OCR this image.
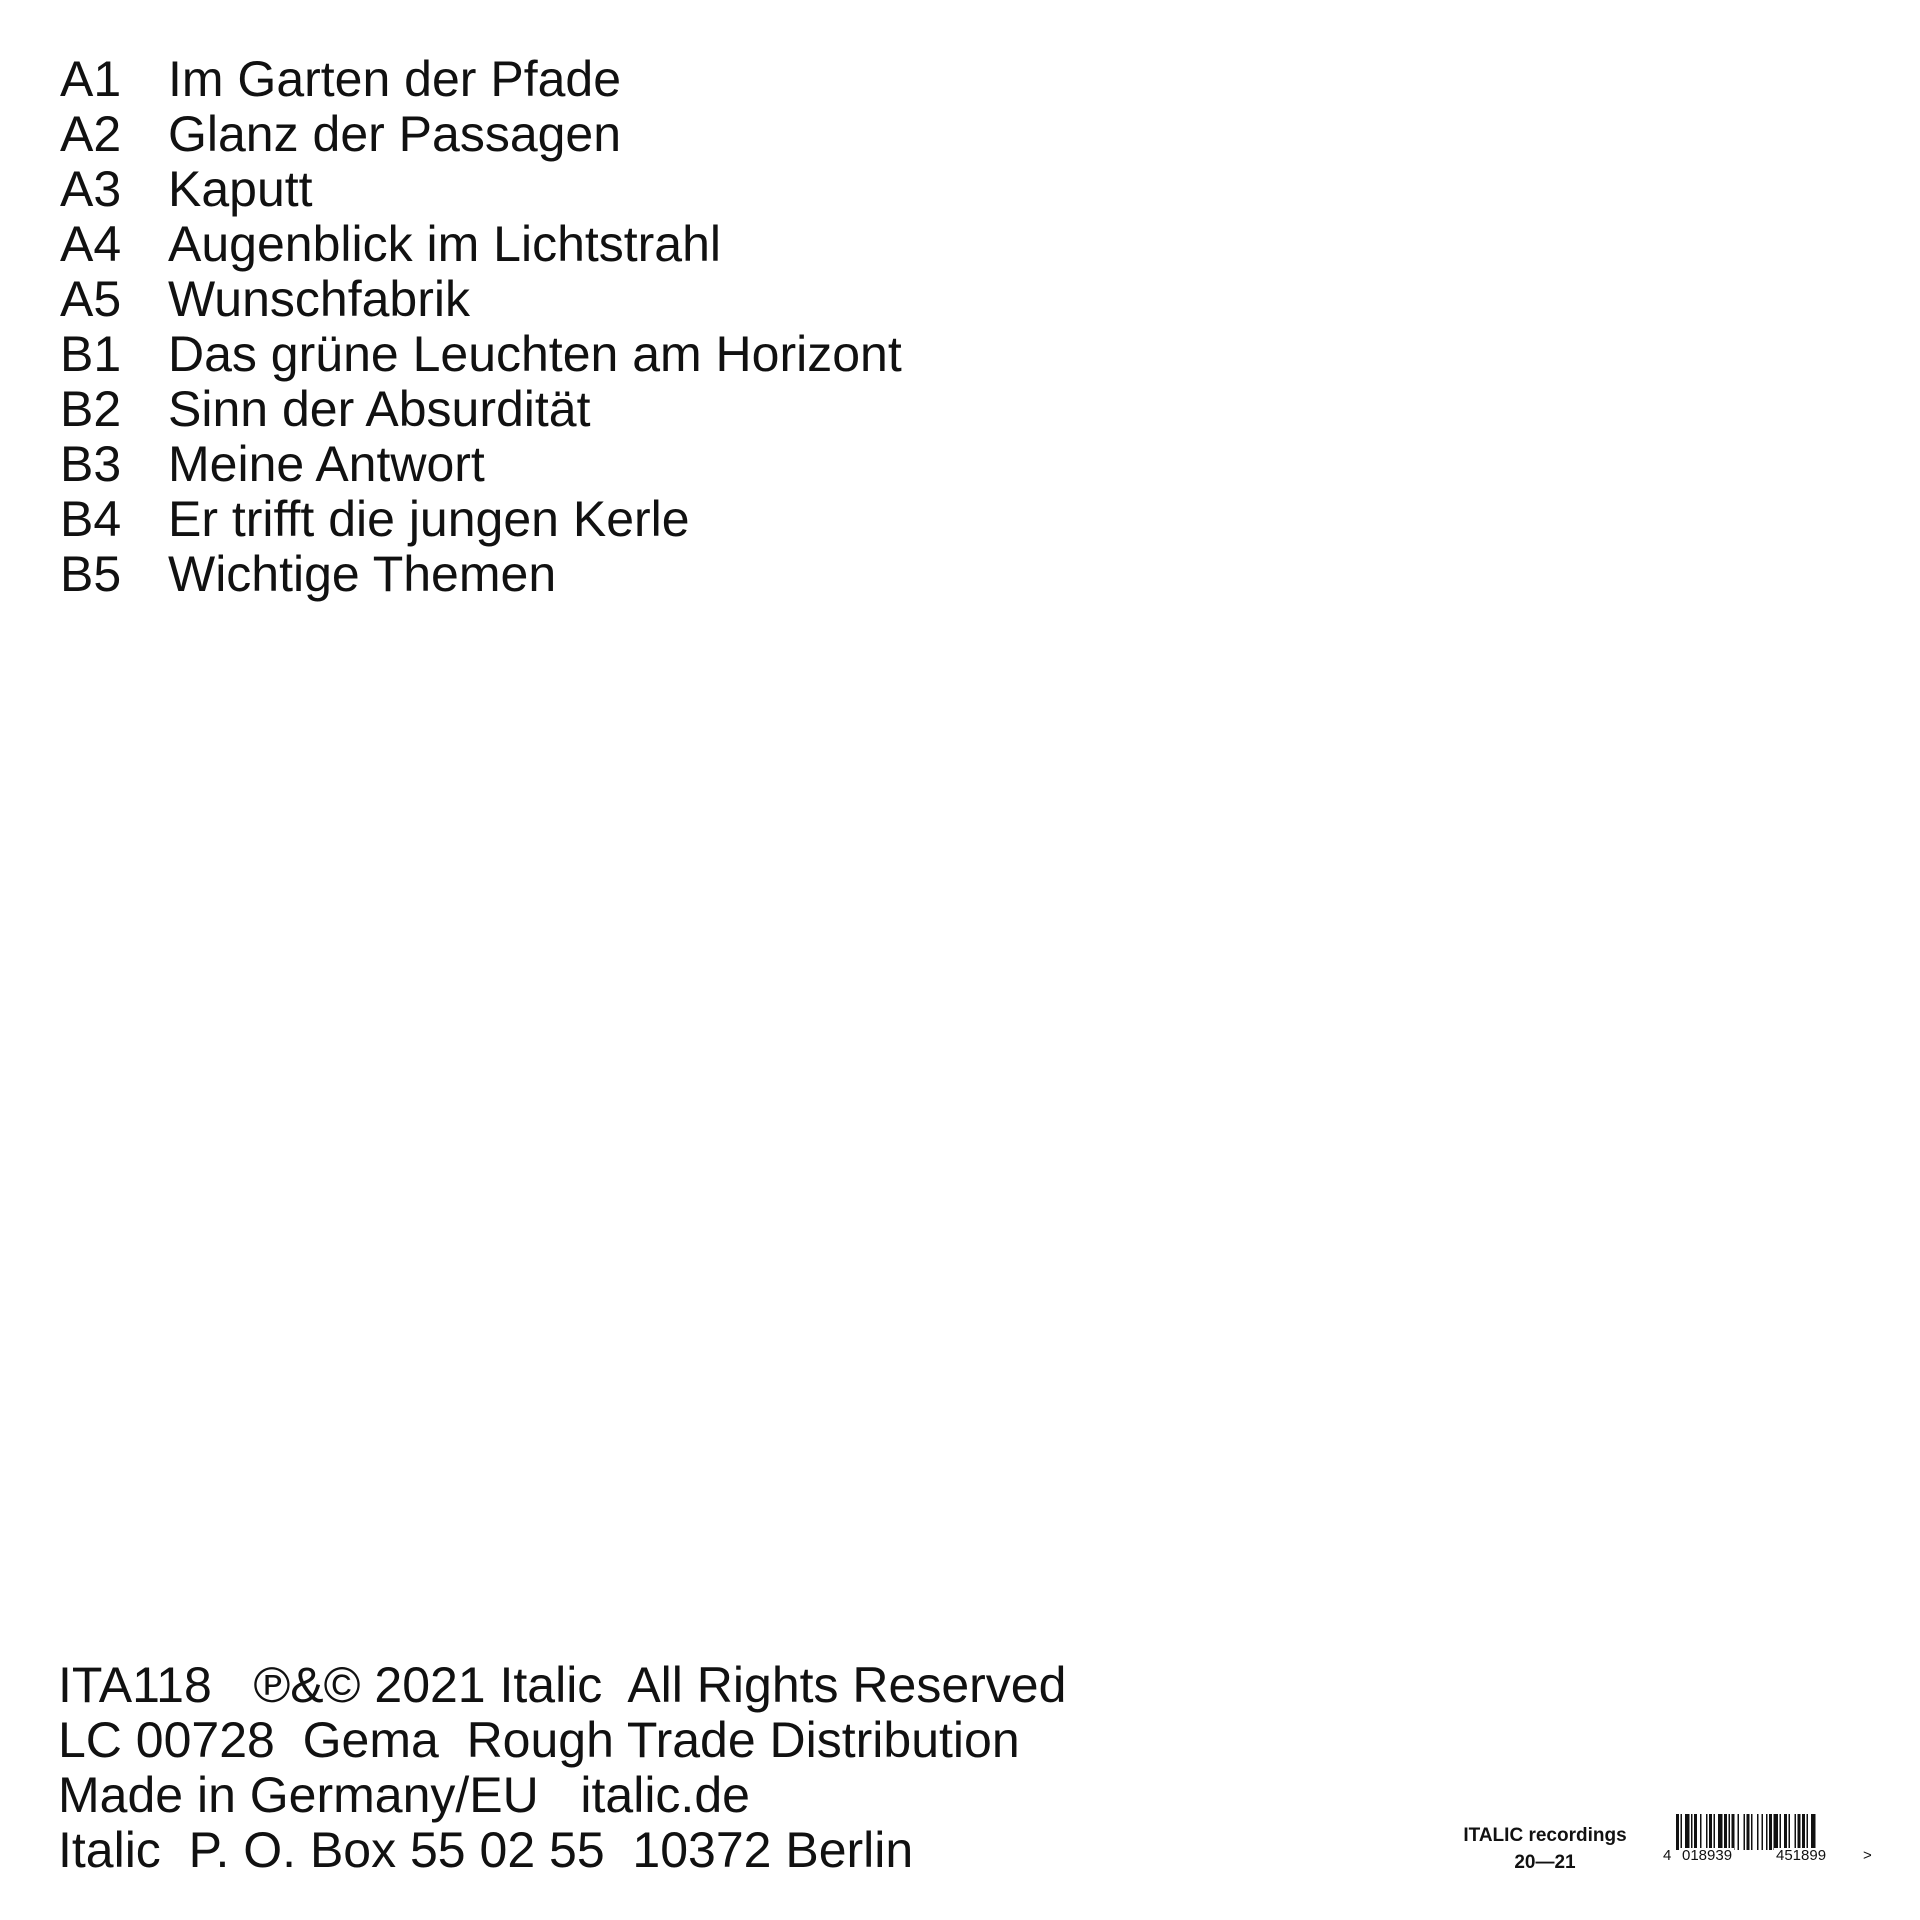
A1 Im Garten der Pfade
A2 Glanz der Passagen
A3 Kaputt
A4 Augenblick im Lichtstrahl
A5 Wunschfabrik
B1 Das grüne Leuchten am Horizont
B2 Sinn der Absurdität
B3 Meine Antwort
B4 Er trifft die jungen Kerle
B5 Wichtige Themen
ITA118   ℗&© 2021 Italic  All Rights Reserved
LC 00728  Gema  Rough Trade Distribution
Made in Germany/EU   italic.de
Italic  P. O. Box 55 02 55  10372 Berlin	ITALIC recordings
20—21	4 018939	451899 >
